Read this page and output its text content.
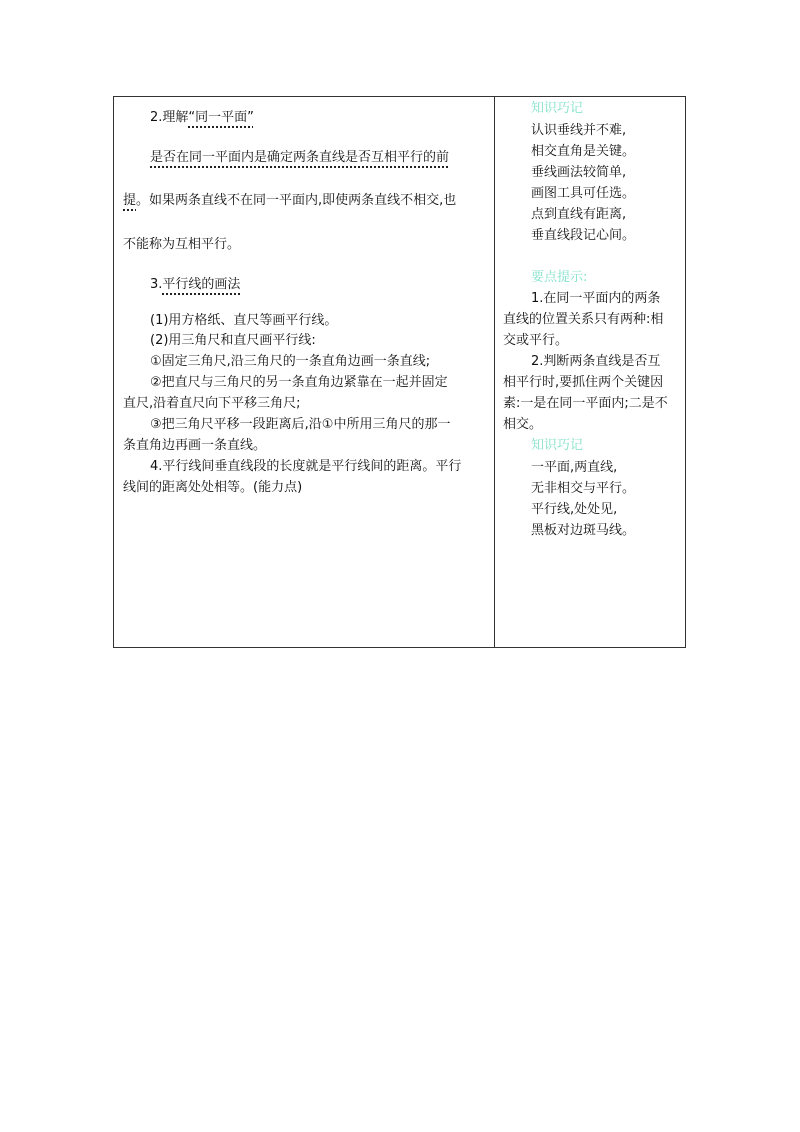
2.理解“同一平面”

是否在同一平面内是确定两条直线是否互相平行的前

提。如果两条直线不在同一平面内,即使两条直线不相交,也

不能称为互相平行。

3.平行线的画法

(1)用方格纸、直尺等画平行线。

(2)用三角尺和直尺画平行线:

①固定三角尺,沿三角尺的一条直角边画一条直线;

②把直尺与三角尺的另一条直角边紧靠在一起并固定

直尺,沿着直尺向下平移三角尺;

③把三角尺平移一段距离后,沿①中所用三角尺的那一

条直角边再画一条直线。

4.平行线间垂直线段的长度就是平行线间的距离。平行

线间的距离处处相等。(能力点)

知识巧记

认识垂线并不难,

相交直角是关键。

垂线画法较简单,

画图工具可任选。

点到直线有距离,

垂直线段记心间。

要点提示:

1.在同一平面内的两条

直线的位置关系只有两种:相

交或平行。

2.判断两条直线是否互

相平行时,要抓住两个关键因

素:一是在同一平面内;二是不

相交。

知识巧记

一平面,两直线,

无非相交与平行。

平行线,处处见,

黑板对边斑马线。
